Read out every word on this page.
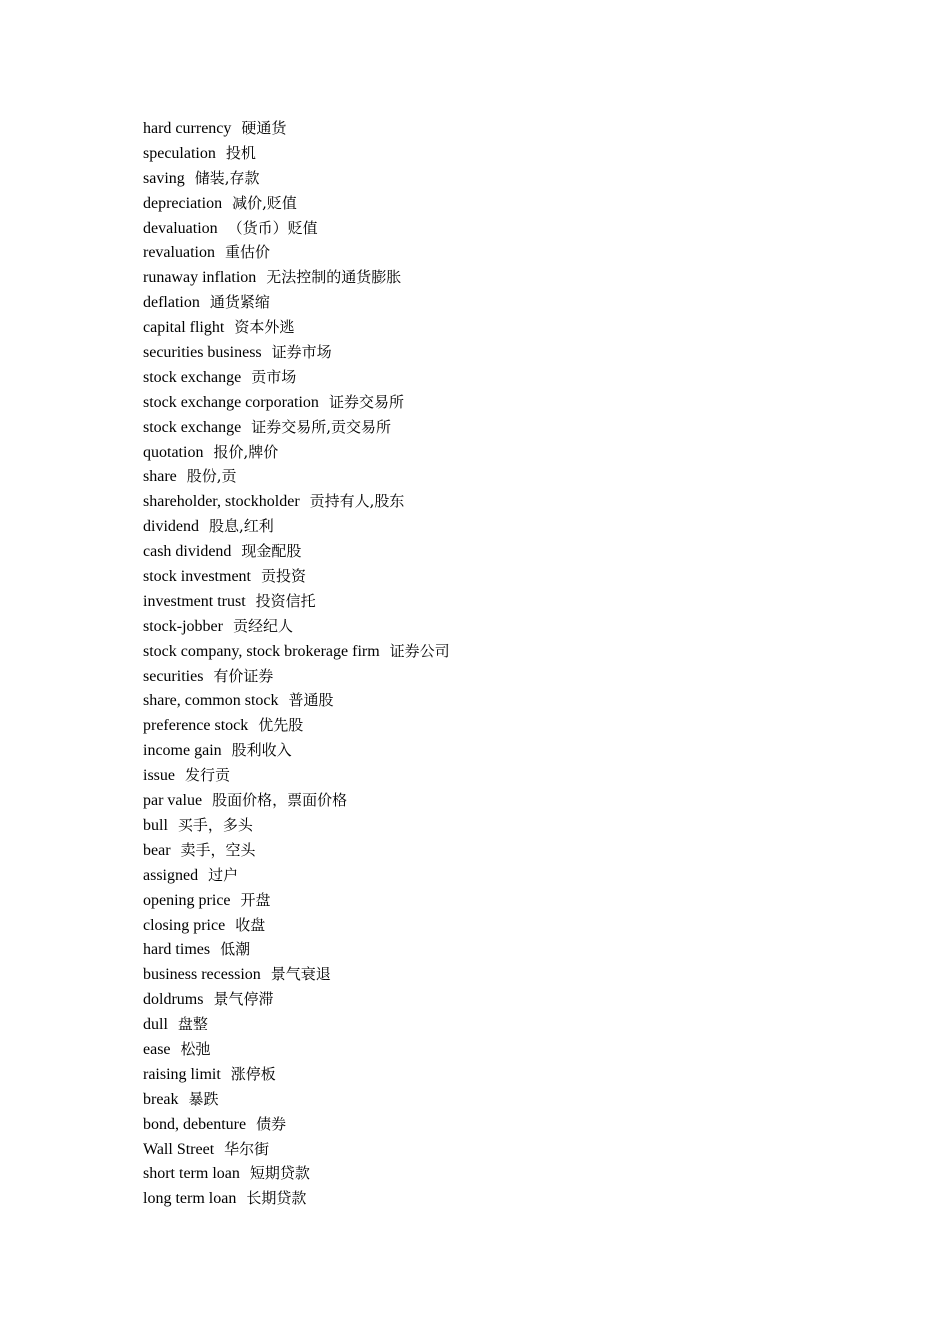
hard currency 硬通货
speculation 投机
saving 储装,存款
depreciation 减价,贬值
devaluation （货币）贬值
revaluation 重估价
runaway inflation 无法控制的通货膨胀
deflation 通货紧缩
capital flight 资本外逃
securities business 证券市场
stock exchange 贡市场
stock exchange corporation 证券交易所
stock exchange 证券交易所,贡交易所
quotation 报价,牌价
share 股份,贡
shareholder, stockholder 贡持有人,股东
dividend 股息,红利
cash dividend 现金配股
stock investment 贡投资
investment trust 投资信托
stock-jobber 贡经纪人
stock company, stock brokerage firm 证券公司
securities 有价证券
share, common stock 普通股
preference stock 优先股
income gain 股利收入
issue 发行贡
par value 股面价格，票面价格
bull 买手，多头
bear 卖手，空头
assigned 过户
opening price 开盘
closing price 收盘
hard times 低潮
business recession 景气衰退
doldrums 景气停滞
dull 盘整
ease 松弛
raising limit 涨停板
break 暴跌
bond, debenture 债券
Wall Street 华尔街
short term loan 短期贷款
long term loan 长期贷款
